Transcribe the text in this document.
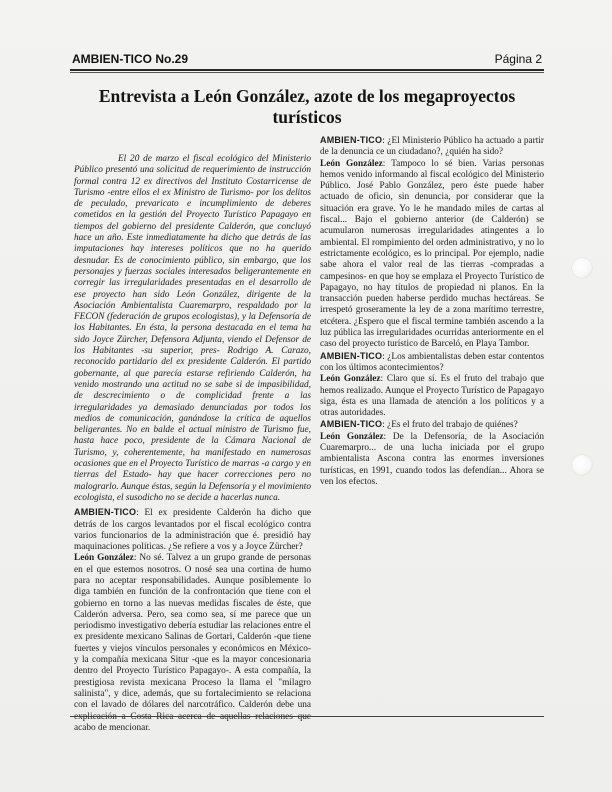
AMBIEN-TICO No.29	Página 2
Entrevista a León González, azote de los megaproyectos turísticos

El 20 de marzo el fiscal ecológico del Ministerio Público presentó una solicitud de requerimiento de instrucción formal contra 12 ex directivos del Instituto Costarricense de Turismo -entre ellos el ex Ministro de Turismo- por los delitos de peculado, prevaricato e incumplimiento de deberes cometidos en la gestión del Proyecto Turístico Papagayo en tiempos del gobierno del presidente Calderón, que concluyó hace un año. Este inmediatamente ha dicho que detrás de las imputaciones hay intereses políticos que no ha querido desnudar. Es de conocimiento público, sin embargo, que los personajes y fuerzas sociales interesados beligerantemente en corregir las irregularidades presentadas en el desarrollo de ese proyecto han sido León González, dirigente de la Asociación Ambientalista Cuaremarpro, respaldado por la FECON (federación de grupos ecologistas), y la Defensoría de los Habitantes. En ésta, la persona destacada en el tema ha sido Joyce Zürcher, Defensora Adjunta, viendo el Defensor de los Habitantes -su superior, pres- Rodrigo A. Carazo, reconocido partidario del ex presidente Calderón. El partido gobernante, al que parecía estarse refiriendo Calderón, ha venido mostrando una actitud no se sabe si de impasibilidad, de descrecimiento o de complicidad frente a las irregularidades ya demasiado denunciadas por todos los medios de comunicación, ganándose la crítica de aquellos beligerantes. No en balde el actual ministro de Turismo fue, hasta hace poco, presidente de la Cámara Nacional de Turismo, y, coherentemente, ha manifestado en numerosas ocasiones que en el Proyecto Turístico de marras -a cargo y en tierras del Estado- hay que hacer correcciones pero no malograrlo. Aunque éstas, según la Defensoría y el movimiento ecologista, el susodicho no se decide a hacerlas nunca.

AMBIEN-TICO: El ex presidente Calderón ha dicho que detrás de los cargos levantados por el fiscal ecológico contra varios funcionarios de la administración que é. presidió hay maquinaciones políticas. ¿Se refiere a vos y a Joyce Zürcher?

León González: No sé. Talvez a un grupo grande de personas en el que estemos nosotros. O nosé sea una cortina de humo para no aceptar responsabilidades. Aunque posiblemente lo diga también en función de la confrontación que tiene con el gobierno en torno a las nuevas medidas fiscales de éste, que Calderón adversa. Pero, sea como sea, sí me parece que un periodismo investigativo debería estudiar las relaciones entre el ex presidente mexicano Salinas de Gortari, Calderón -que tiene fuertes y viejos vínculos personales y económicos en México- y la compañía mexicana Situr -que es la mayor concesionaria dentro del Proyecto Turístico Papagayo-. A esta compañía, la prestigiosa revista mexicana Proceso la llama el "milagro salinista", y dice, además, que su fortalecimiento se relaciona con el lavado de dólares del narcotráfico. Calderón debe una acabo de mencionar.

AMBIEN-TICO: ¿El Ministerio Público ha actuado a partir de la denuncia ce un ciudadano?, ¿quién ha sido?

León González: Tampoco lo sé bien. Varias personas hemos venido informando al fiscal ecológico del Ministerio Público. José Pablo González, pero éste puede haber actuado de oficio, sin denuncia, por considerar que la situación era grave. Yo le he mandado miles de cartas al fiscal... Bajo el gobierno anterior (de Calderón) se acumularon numerosas irregularidades atingentes a lo ambiental. El rompimiento del orden administrativo, y no lo estrictamente ecológico, es lo principal. Por ejemplo, nadie sabe ahora el valor real de las tierras -compradas a campesinos- en que hoy se emplaza el Proyecto Turístico de Papagayo, no hay títulos de propiedad ni planos. En la transacción pueden haberse perdido muchas hectáreas. Se irrespetó groseramente la ley de a zona marítimo terrestre, etcétera. ¿Espero que el fiscal termine también ascendo a la luz pública las irregularidades ocurridas anteriormente en el caso del proyecto turístico de Barceló, en Playa Tambor.

AMBIEN-TICO: ¿Los ambientalistas deben estar contentos con los últimos acontecimientos?

León González: Claro que sí. Es el fruto del trabajo que hemos realizado. Aunque el Proyecto Turístico de Papagayo siga, ésta es una llamada de atención a los políticos y a otras autoridades.

AMBIEN-TICO: ¿Es el fruto del trabajo de quiénes?

León González: De la Defensoría, de la Asociación Cuaremarpro... de una lucha iniciada por el grupo ambientalista Ascona contra las enormes inversiones turísticas, en 1991, cuando todos las defendían... Ahora se ven los efectos.
